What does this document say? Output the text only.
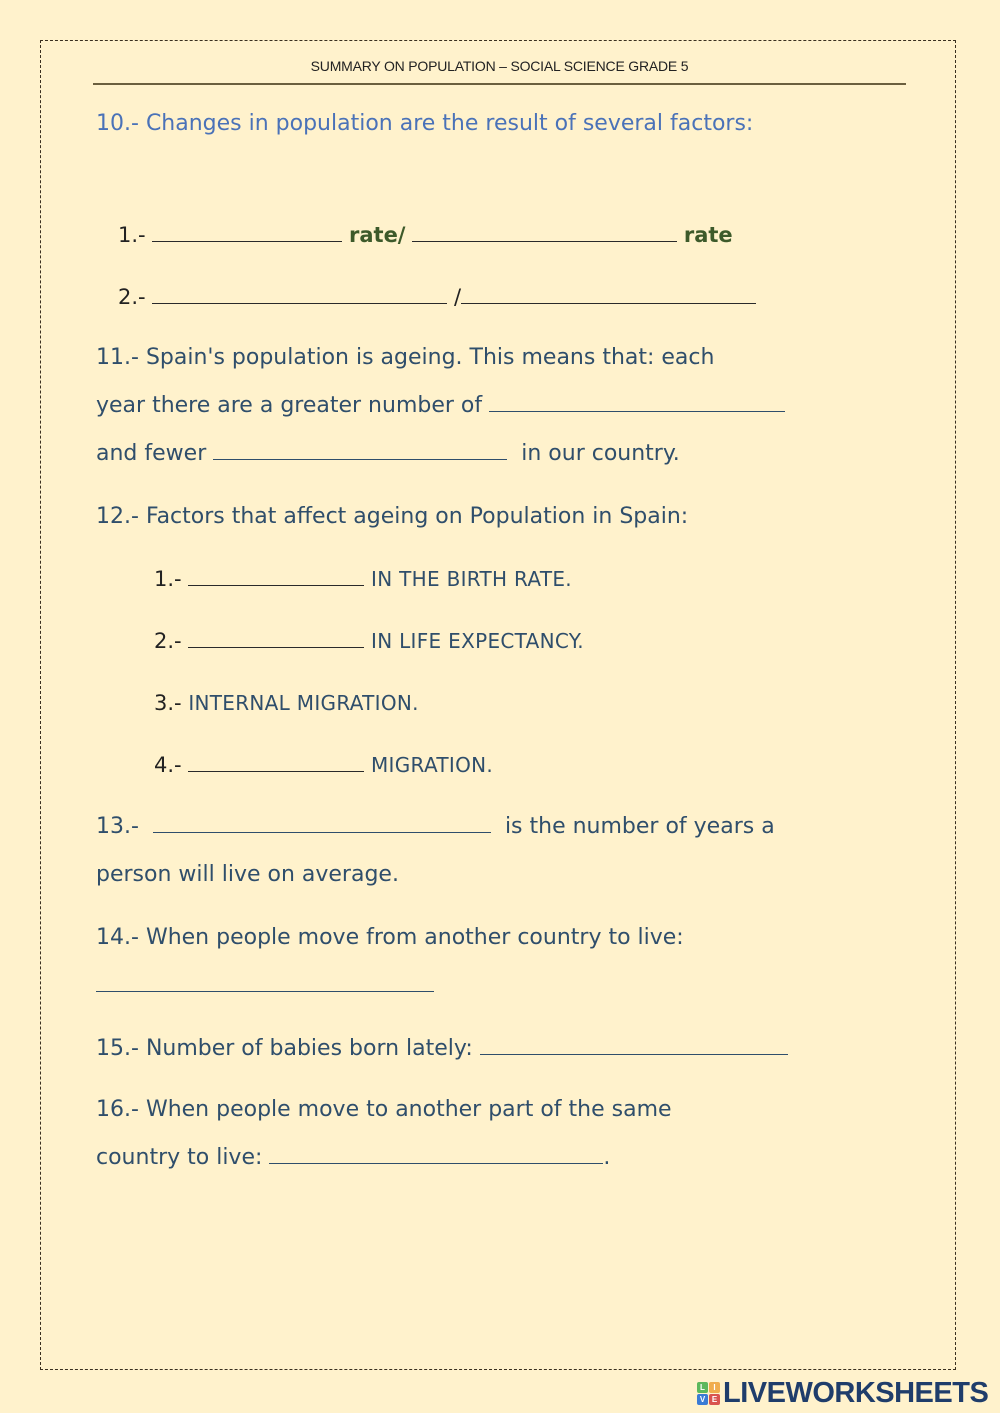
SUMMARY ON POPULATION – SOCIAL SCIENCE GRADE 5
10.- Changes in population are the result of several factors:
1.-	rate/	rate
2.-	/
11.- Spain's population is ageing. This means that: each
year there are a greater number of
and fewer	in our country.
12.- Factors that affect ageing on Population in Spain:
1.-	IN THE BIRTH RATE.
2.-	IN LIFE EXPECTANCY.
3.- INTERNAL MIGRATION.
4.-	MIGRATION.
13.-	is the number of years a
person will live on average.
14.- When people move from another country to live:
15.- Number of babies born lately:
16.- When people move to another part of the same
country to live:	.
L	I
V E LIVEWORKSHEETS
